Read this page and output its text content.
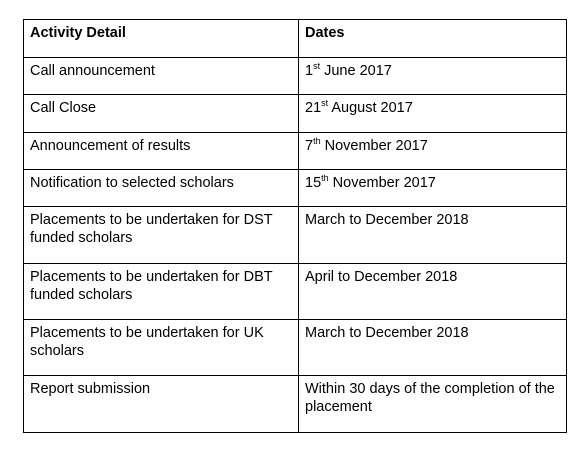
Activity Detail	Dates
Call announcement	1st June 2017
Call Close	21st August 2017
Announcement of results	7th November 2017
Notification to selected scholars	15th November 2017
Placements to be undertaken for DST funded scholars	March to December 2018
Placements to be undertaken for DBT funded scholars	April to December 2018
Placements to be undertaken for UK scholars	March to December 2018
Report submission	Within 30 days of the completion of the placement
